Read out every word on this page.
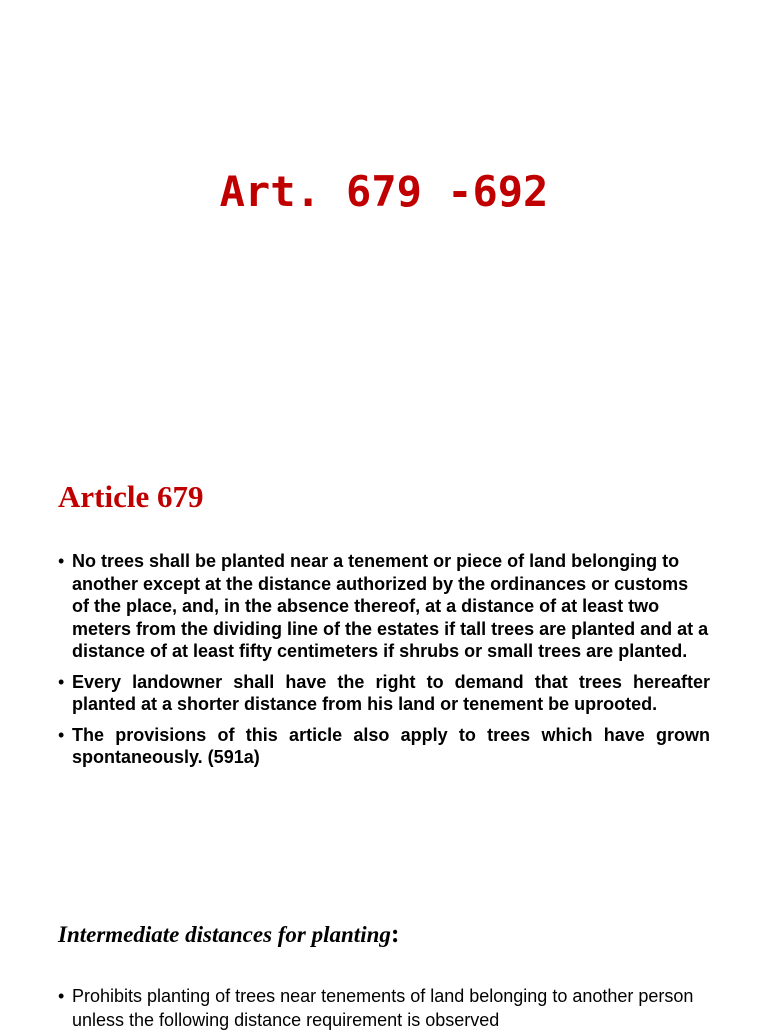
Art. 679 -692
Article 679
• No trees shall be planted near a tenement or piece of land belonging to another except at the distance authorized by the ordinances or customs of the place, and, in the absence thereof, at a distance of at least two meters from the dividing line of the estates if tall trees are planted and at a distance of at least fifty centimeters if shrubs or small trees are planted.
• Every landowner shall have the right to demand that trees hereafter planted at a shorter distance from his land or tenement be uprooted.
• The provisions of this article also apply to trees which have grown spontaneously. (591a)
Intermediate distances for planting:
• Prohibits planting of trees near tenements of land belonging to another person unless the following distance requirement is observed
